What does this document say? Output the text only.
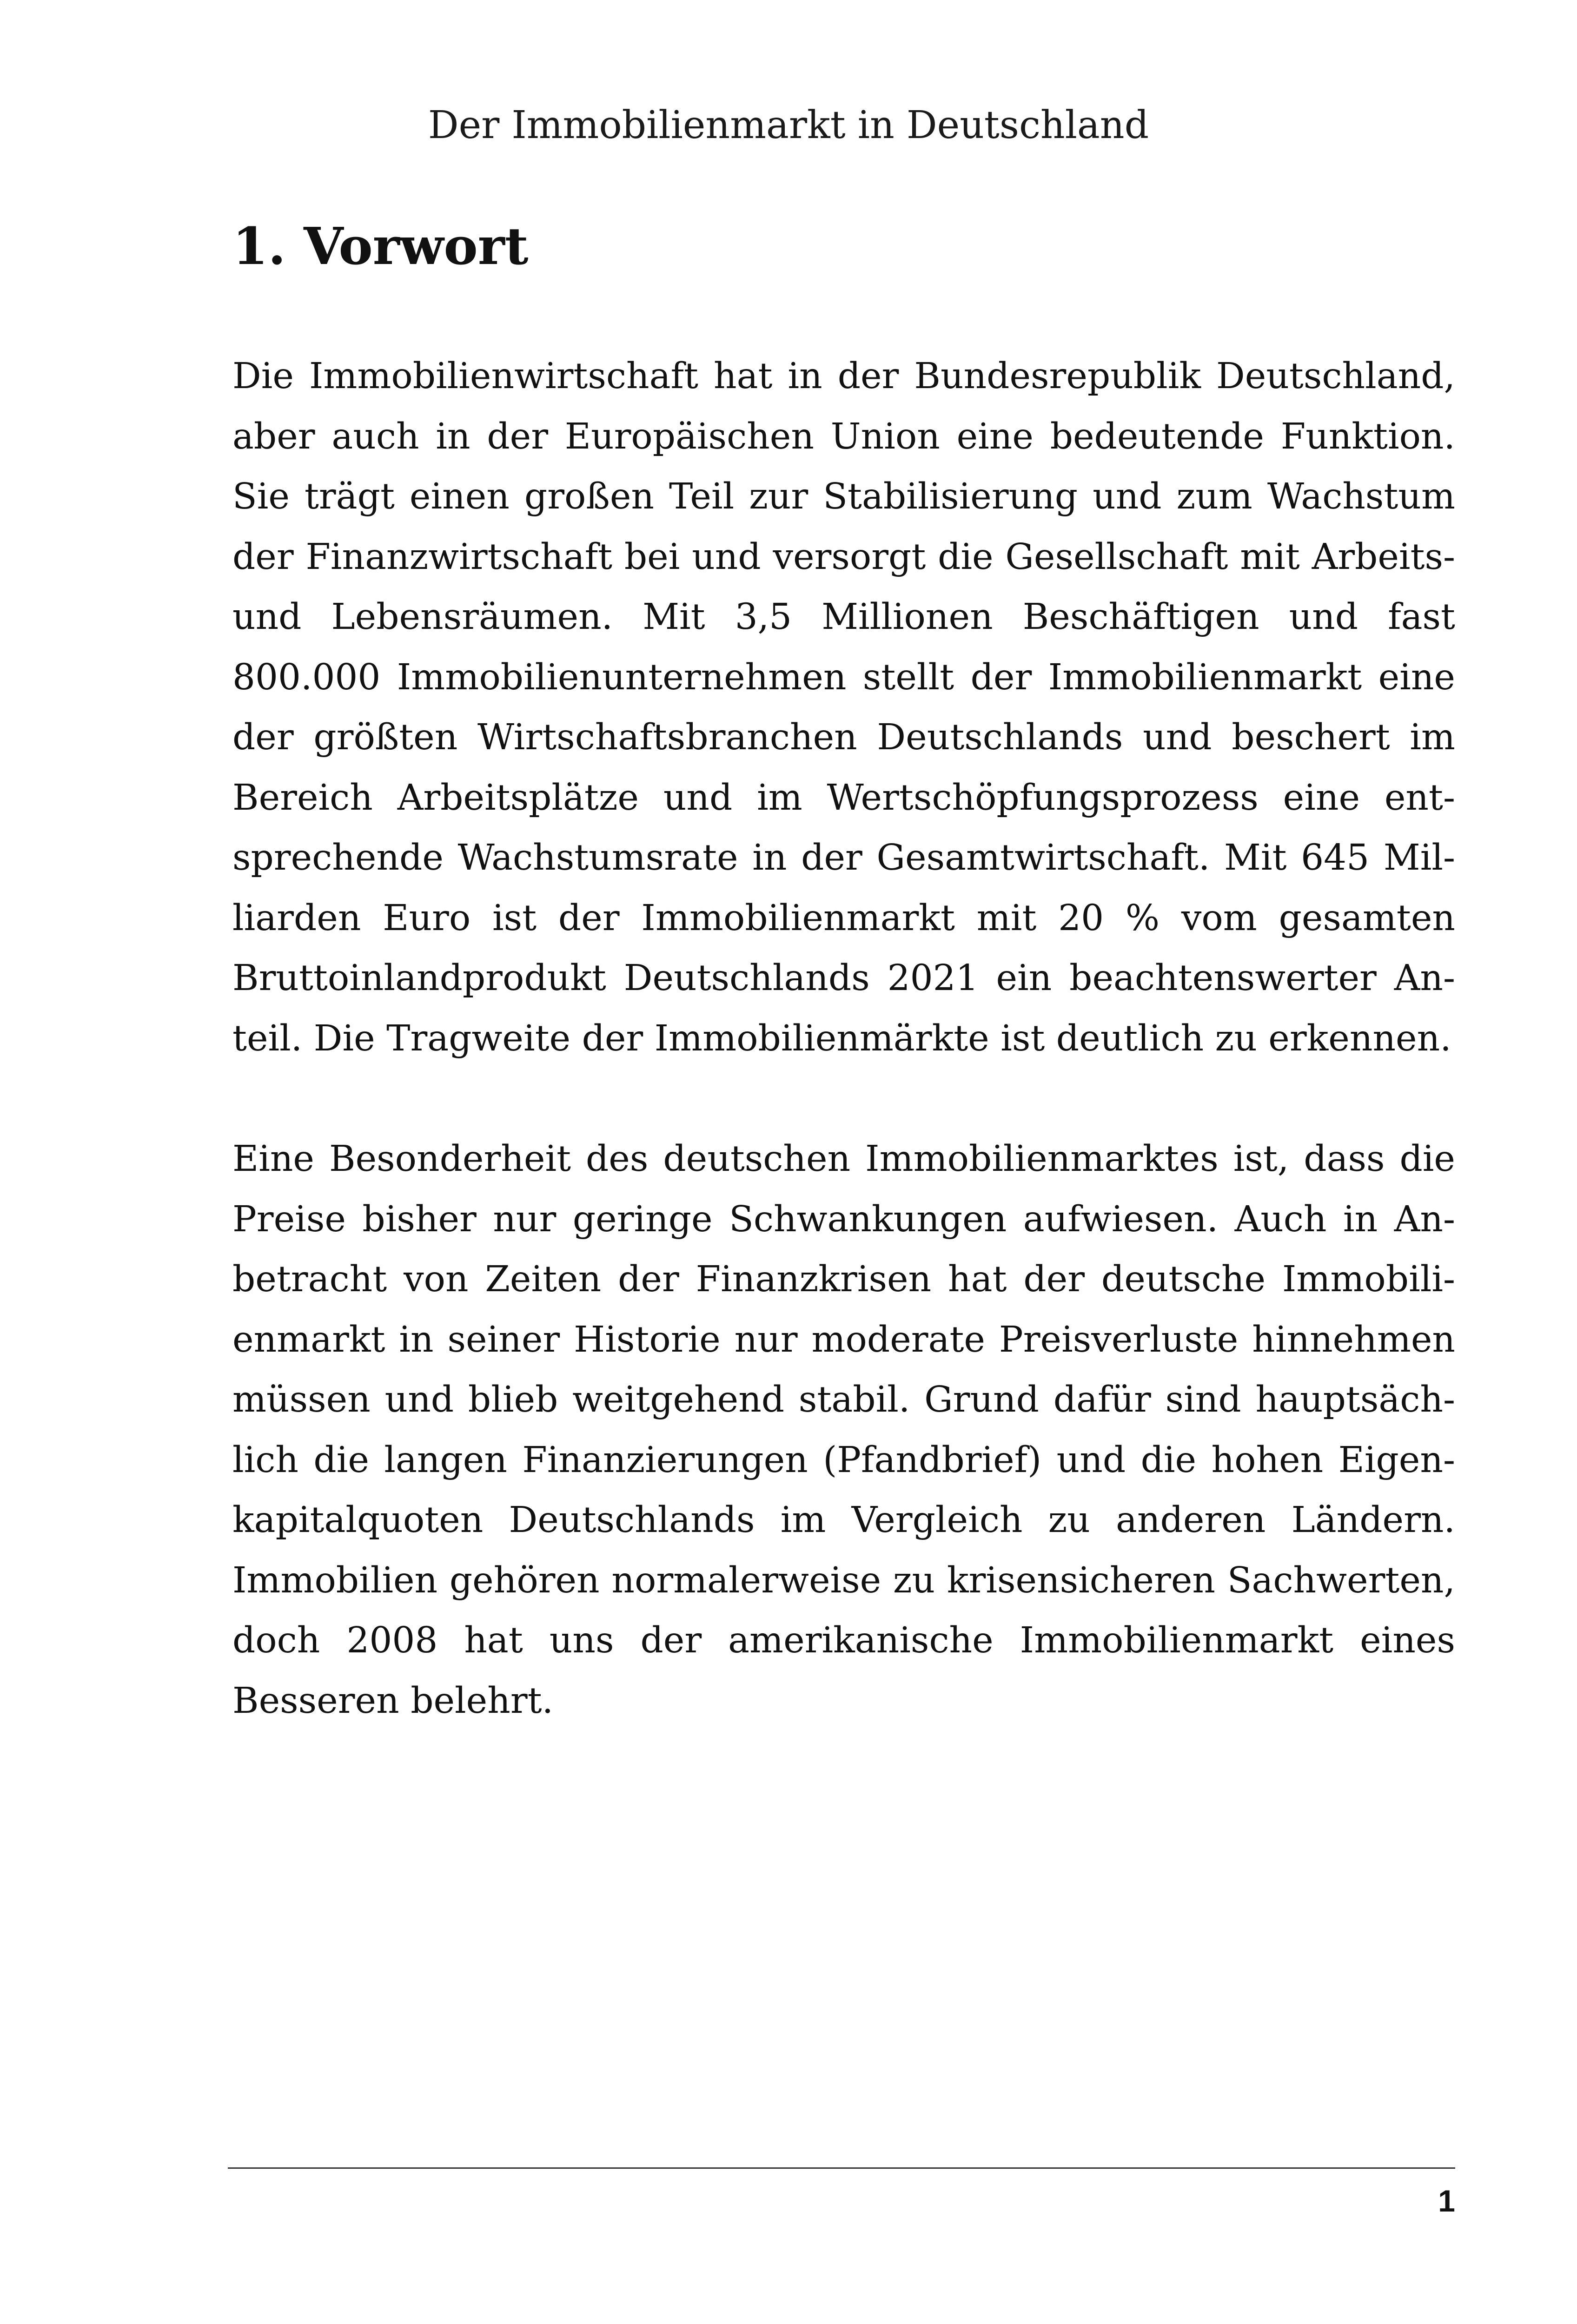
Der Immobilienmarkt in Deutschland
1. Vorwort

Die Immobilienwirtschaft hat in der Bundesrepublik Deutschland, aber auch in der Europäischen Union eine bedeutende Funktion. Sie trägt einen großen Teil zur Stabilisierung und zum Wachstum der Finanzwirtschaft bei und versorgt die Gesellschaft mit Arbeits- und Lebensräumen. Mit 3,5 Millionen Beschäftigen und fast 800.000 Immobilienunternehmen stellt der Immobilienmarkt eine der größten Wirtschaftsbranchen Deutschlands und beschert im Bereich Arbeitsplätze und im Wertschöpfungsprozess eine entsprechende Wachstumsrate in der Gesamtwirtschaft. Mit 645 Milliarden Euro ist der Immobilienmarkt mit 20 % vom gesamten Bruttoinlandprodukt Deutschlands 2021 ein beachtenswerter Anteil. Die Tragweite der Immobilienmärkte ist deutlich zu erkennen.

Eine Besonderheit des deutschen Immobilienmarktes ist, dass die Preise bisher nur geringe Schwankungen aufwiesen. Auch in Anbetracht von Zeiten der Finanzkrisen hat der deutsche Immobilienmarkt in seiner Historie nur moderate Preisverluste hinnehmen müssen und blieb weitgehend stabil. Grund dafür sind hauptsächlich die langen Finanzierungen (Pfandbrief) und die hohen Eigenkapitalquoten Deutschlands im Vergleich zu anderen Ländern. Immobilien gehören normalerweise zu krisensicheren Sachwerten, doch 2008 hat uns der amerikanische Immobilienmarkt eines Besseren belehrt.

1
